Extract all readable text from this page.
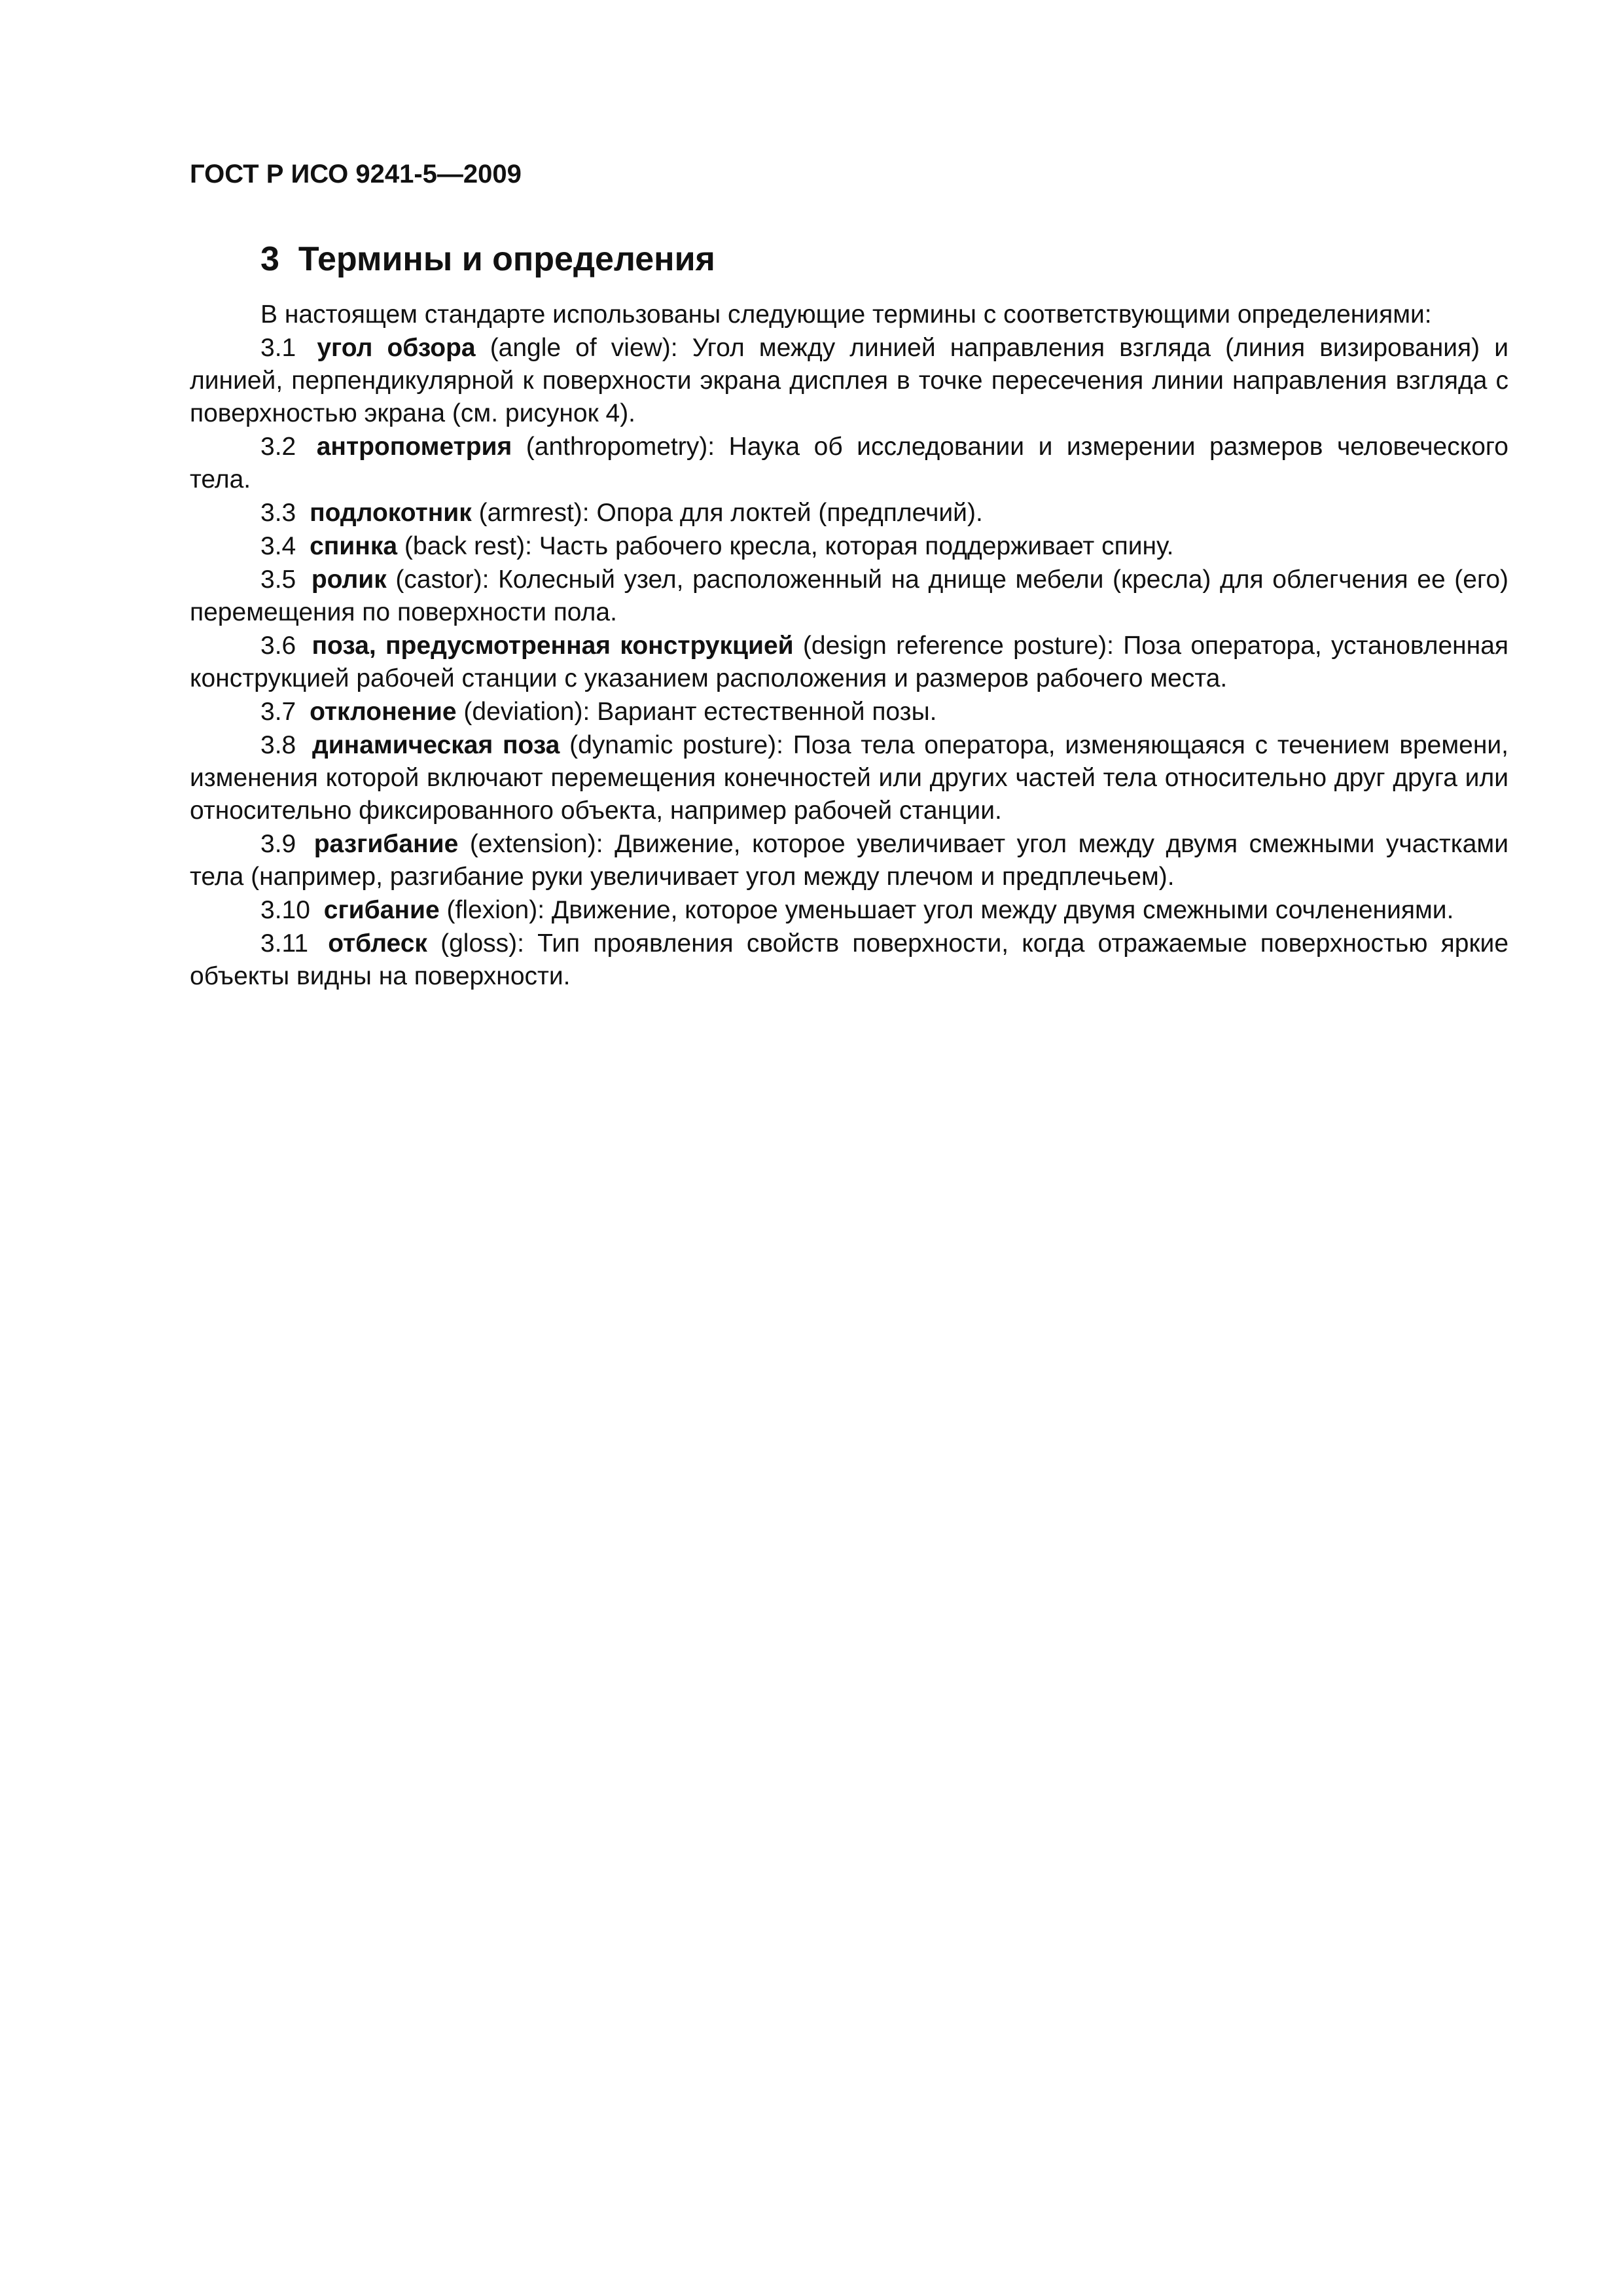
ГОСТ Р ИСО 9241-5—2009
3 Термины и определения

В настоящем стандарте использованы следующие термины с соответствующими определениями:

3.1 угол обзора (angle of view): Угол между линией направления взгляда (линия визирования) и линией, перпендикулярной к поверхности экрана дисплея в точке пересечения линии направления взгляда с поверхностью экрана (см. рисунок 4).

3.2 антропометрия (anthropometry): Наука об исследовании и измерении размеров человеческого тела.

3.3 подлокотник (armrest): Опора для локтей (предплечий).

3.4 спинка (back rest): Часть рабочего кресла, которая поддерживает спину.

3.5 ролик (castor): Колесный узел, расположенный на днище мебели (кресла) для облегчения ее (его) перемещения по поверхности пола.

3.6 поза, предусмотренная конструкцией (design reference posture): Поза оператора, установленная конструкцией рабочей станции с указанием расположения и размеров рабочего места.

3.7 отклонение (deviation): Вариант естественной позы.

3.8 динамическая поза (dynamic posture): Поза тела оператора, изменяющаяся с течением времени, изменения которой включают перемещения конечностей или других частей тела относительно друг друга или относительно фиксированного объекта, например рабочей станции.

3.9 разгибание (extension): Движение, которое увеличивает угол между двумя смежными участками тела (например, разгибание руки увеличивает угол между плечом и предплечьем).

3.10 сгибание (flexion): Движение, которое уменьшает угол между двумя смежными сочленениями.

3.11 отблеск (gloss): Тип проявления свойств поверхности, когда отражаемые поверхностью яркие объекты видны на поверхности.
